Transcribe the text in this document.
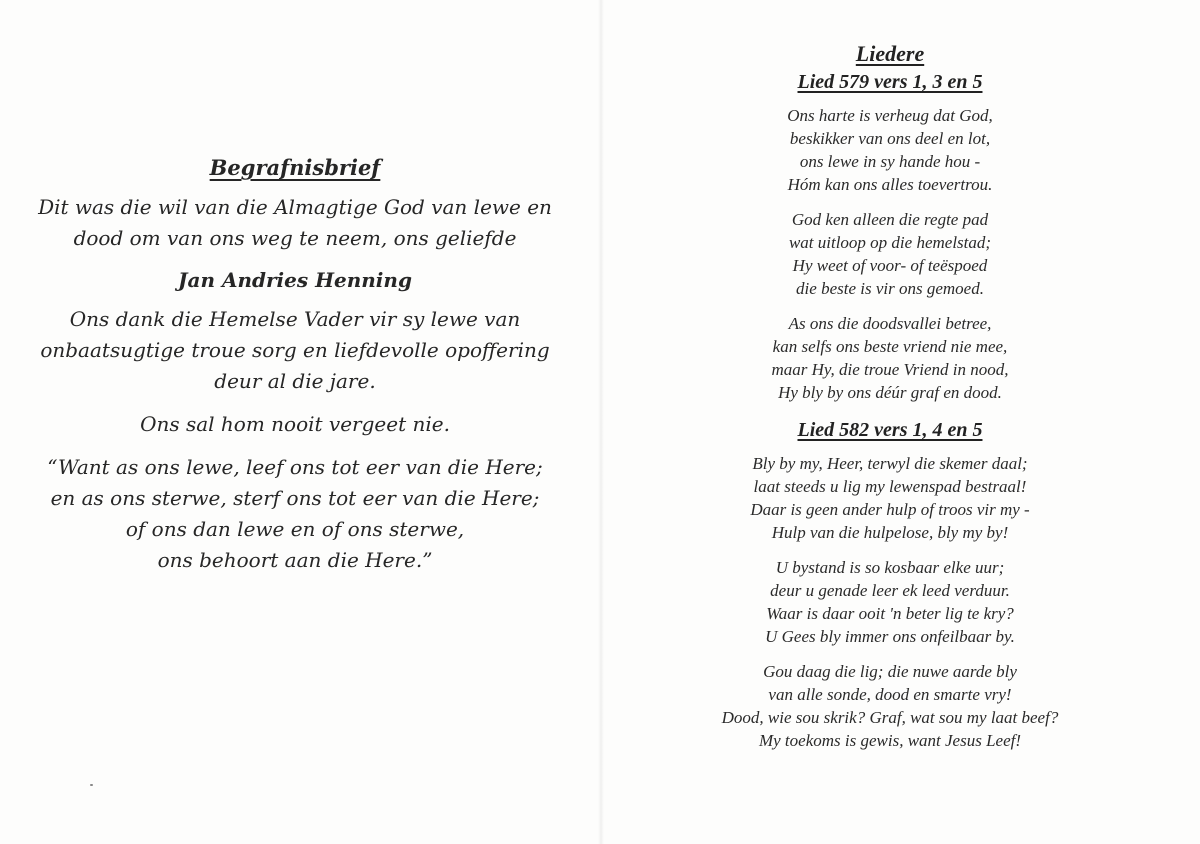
Begrafnisbrief
Dit was die wil van die Almagtige God van lewe en
dood om van ons weg te neem, ons geliefde
Jan Andries Henning
Ons dank die Hemelse Vader vir sy lewe van
onbaatsugtige troue sorg en liefdevolle opoffering
deur al die jare.
Ons sal hom nooit vergeet nie.
“Want as ons lewe, leef ons tot eer van die Here;
en as ons sterwe, sterf ons tot eer van die Here;
of ons dan lewe en of ons sterwe,
ons behoort aan die Here.”
Liedere
Lied 579 vers 1, 3 en 5
Ons harte is verheug dat God,
beskikker van ons deel en lot,
ons lewe in sy hande hou -
Hóm kan ons alles toevertrou.
God ken alleen die regte pad
wat uitloop op die hemelstad;
Hy weet of voor- of teëspoed
die beste is vir ons gemoed.
As ons die doodsvallei betree,
kan selfs ons beste vriend nie mee,
maar Hy, die troue Vriend in nood,
Hy bly by ons déúr graf en dood.
Lied 582 vers 1, 4 en 5
Bly by my, Heer, terwyl die skemer daal;
laat steeds u lig my lewenspad bestraal!
Daar is geen ander hulp of troos vir my -
Hulp van die hulpelose, bly my by!
U bystand is so kosbaar elke uur;
deur u genade leer ek leed verduur.
Waar is daar ooit 'n beter lig te kry?
U Gees bly immer ons onfeilbaar by.
Gou daag die lig; die nuwe aarde bly
van alle sonde, dood en smarte vry!
Dood, wie sou skrik? Graf, wat sou my laat beef?
My toekoms is gewis, want Jesus Leef!
